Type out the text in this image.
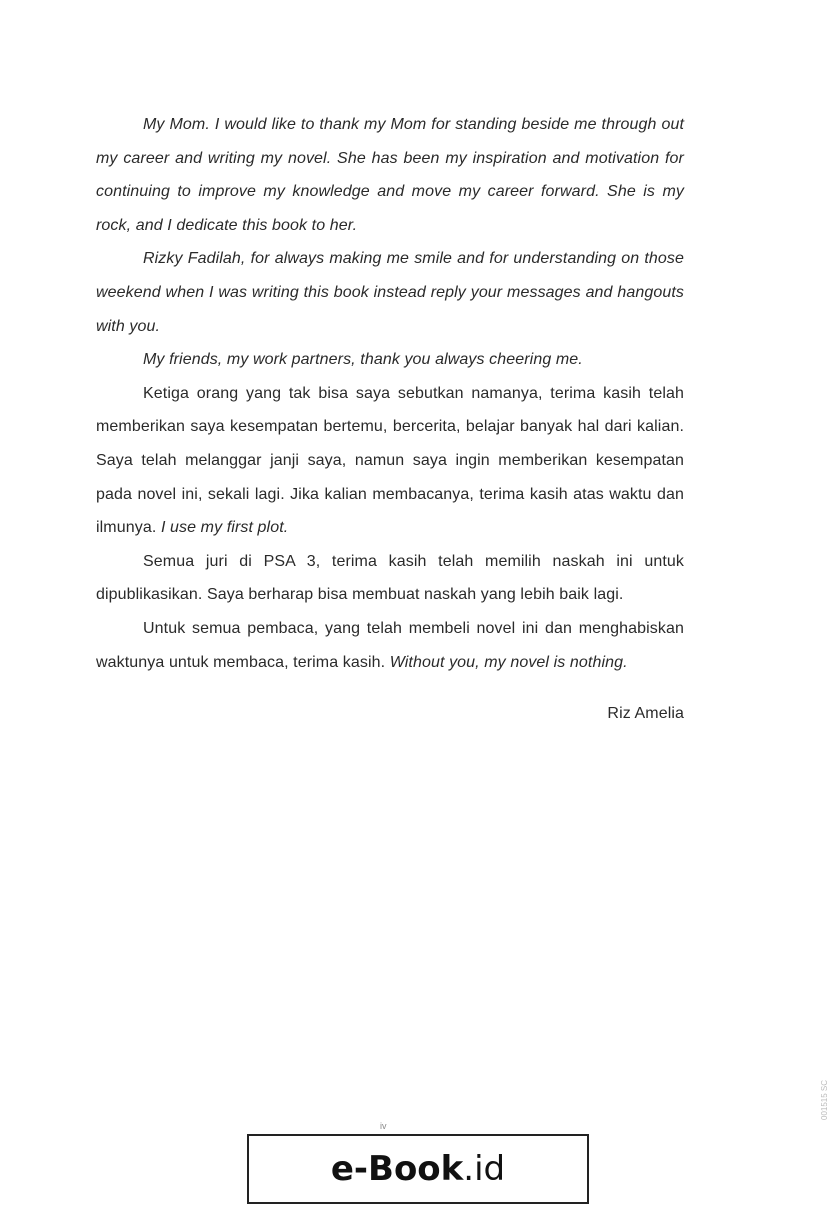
My Mom. I would like to thank my Mom for standing beside me through out my career and writing my novel. She has been my inspiration and motivation for continuing to improve my knowledge and move my career forward. She is my rock, and I dedicate this book to her.

Rizky Fadilah, for always making me smile and for understanding on those weekend when I was writing this book instead reply your messages and hangouts with you.

My friends, my work partners, thank you always cheering me.

Ketiga orang yang tak bisa saya sebutkan namanya, terima kasih telah memberikan saya kesempatan bertemu, bercerita, belajar banyak hal dari kalian. Saya telah melanggar janji saya, namun saya ingin memberikan kesempatan pada novel ini, sekali lagi. Jika kalian membacanya, terima kasih atas waktu dan ilmunya. I use my first plot.

Semua juri di PSA 3, terima kasih telah memilih naskah ini untuk dipublikasikan. Saya berharap bisa membuat naskah yang lebih baik lagi.

Untuk semua pembaca, yang telah membeli novel ini dan menghabiskan waktunya untuk membaca, terima kasih. Without you, my novel is nothing.

Riz Amelia

iv
e-Book .id
001515 SC
